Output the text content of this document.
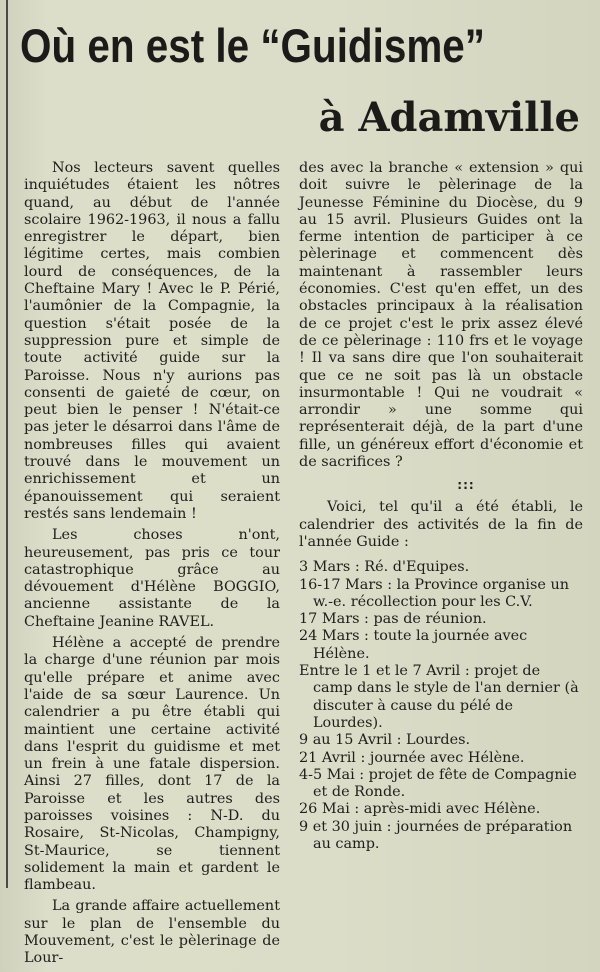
Où en est le “Guidisme”
à Adamville

Nos lecteurs savent quelles inquiétudes étaient les nôtres quand, au début de l'année scolaire 1962-1963, il nous a fallu enregistrer le départ, bien légitime certes, mais combien lourd de conséquences, de la Cheftaine Mary ! Avec le P. Périé, l'aumônier de la Compagnie, la question s'était posée de la suppression pure et simple de toute activité guide sur la Paroisse. Nous n'y aurions pas consenti de gaieté de cœur, on peut bien le penser ! N'était-ce pas jeter le désarroi dans l'âme de nombreuses filles qui avaient trouvé dans le mouvement un enrichissement et un épanouissement qui seraient restés sans lendemain !

Les choses n'ont, heureusement, pas pris ce tour catastrophique grâce au dévouement d'Hélène BOGGIO, ancienne assistante de la Cheftaine Jeanine RAVEL.

Hélène a accepté de prendre la charge d'une réunion par mois qu'elle prépare et anime avec l'aide de sa sœur Laurence. Un calendrier a pu être établi qui maintient une certaine activité dans l'esprit du guidisme et met un frein à une fatale dispersion. Ainsi 27 filles, dont 17 de la Paroisse et les autres des paroisses voisines : N-D. du Rosaire, St-Nicolas, Champigny, St-Maurice, se tiennent solidement la main et gardent le flambeau.

La grande affaire actuellement sur le plan de l'ensemble du Mouvement, c'est le pèlerinage de Lour-

des avec la branche « extension » qui doit suivre le pèlerinage de la Jeunesse Féminine du Diocèse, du 9 au 15 avril. Plusieurs Guides ont la ferme intention de participer à ce pèlerinage et commencent dès maintenant à rassembler leurs économies. C'est qu'en effet, un des obstacles principaux à la réalisation de ce projet c'est le prix assez élevé de ce pèlerinage : 110 frs et le voyage ! Il va sans dire que l'on souhaiterait que ce ne soit pas là un obstacle insurmontable ! Qui ne voudrait « arrondir » une somme qui représenterait déjà, de la part d'une fille, un généreux effort d'économie et de sacrifices ?

:::

Voici, tel qu'il a été établi, le calendrier des activités de la fin de l'année Guide :

3 Mars : Ré. d'Equipes.
16-17 Mars : la Province organise un w.-e. récollection pour les C.V.
17 Mars : pas de réunion.
24 Mars : toute la journée avec Hélène.
Entre le 1 et le 7 Avril : projet de camp dans le style de l'an dernier (à discuter à cause du pélé de Lourdes).
9 au 15 Avril : Lourdes.
21 Avril : journée avec Hélène.
4-5 Mai : projet de fête de Compagnie et de Ronde.
26 Mai : après-midi avec Hélène.
9 et 30 juin : journées de préparation au camp.
